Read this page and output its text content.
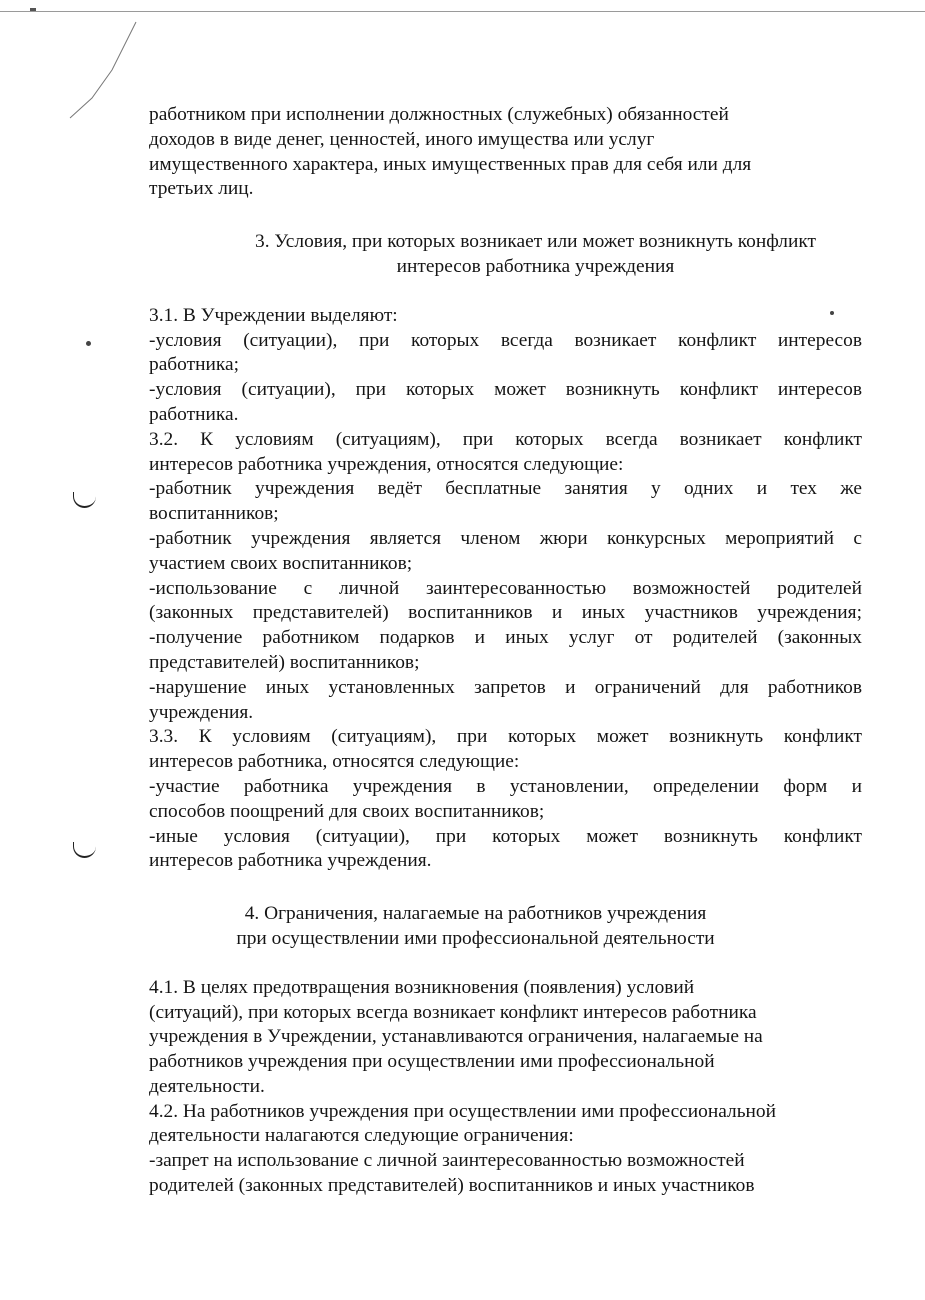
работником при исполнении должностных (служебных) обязанностей
доходов в виде денег, ценностей, иного имущества или услуг
имущественного характера, иных имущественных прав для себя или для
третьих лиц.
3. Условия, при которых возникает или может возникнуть конфликт
интересов работника учреждения
3.1. В Учреждении выделяют:
-условия (ситуации), при которых всегда возникает конфликт интересов
работника;
-условия (ситуации), при которых может возникнуть конфликт интересов
работника.
3.2. К условиям (ситуациям), при которых всегда возникает конфликт
интересов работника учреждения, относятся следующие:
-работник учреждения ведёт бесплатные занятия у одних и тех же
воспитанников;
-работник учреждения является членом жюри конкурсных мероприятий с
участием своих воспитанников;
-использование с личной заинтересованностью возможностей родителей
(законных представителей) воспитанников и иных участников учреждения;
-получение работником подарков и иных услуг от родителей (законных
представителей) воспитанников;
-нарушение иных установленных запретов и ограничений для работников
учреждения.
3.3. К условиям (ситуациям), при которых может возникнуть конфликт
интересов работника, относятся следующие:
-участие работника учреждения в установлении, определении форм и
способов поощрений для своих воспитанников;
-иные условия (ситуации), при которых может возникнуть конфликт
интересов работника учреждения.
4. Ограничения, налагаемые на работников учреждения
при осуществлении ими профессиональной деятельности
4.1. В целях предотвращения возникновения (появления) условий
(ситуаций), при которых всегда возникает конфликт интересов работника
учреждения в Учреждении, устанавливаются ограничения, налагаемые на
работников учреждения при осуществлении ими профессиональной
деятельности.
4.2. На работников учреждения при осуществлении ими профессиональной
деятельности налагаются следующие ограничения:
-запрет на использование с личной заинтересованностью возможностей
родителей (законных представителей) воспитанников и иных участников
